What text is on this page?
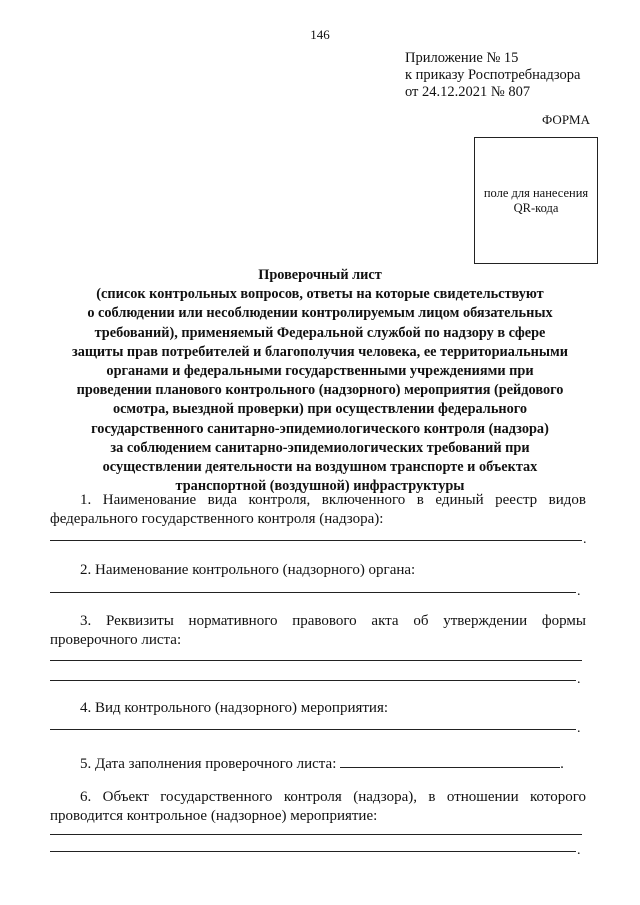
146
Приложение № 15
к приказу Роспотребнадзора
от 24.12.2021 № 807
ФОРМА
поле для нанесения
QR-кода
Проверочный лист
(список контрольных вопросов, ответы на которые свидетельствуют
о соблюдении или несоблюдении контролируемым лицом обязательных
требований), применяемый Федеральной службой по надзору в сфере
защиты прав потребителей и благополучия человека, ее территориальными
органами и федеральными государственными учреждениями при
проведении планового контрольного (надзорного) мероприятия (рейдового
осмотра, выездной проверки) при осуществлении федерального
государственного санитарно-эпидемиологического контроля (надзора)
за соблюдением санитарно-эпидемиологических требований при
осуществлении деятельности на воздушном транспорте и объектах
транспортной (воздушной) инфраструктуры
1. Наименование вида контроля, включенного в единый реестр видов федерального государственного контроля (надзора):
.
2. Наименование контрольного (надзорного) органа:
.
3. Реквизиты нормативного правового акта об утверждении формы проверочного листа:
.
4. Вид контрольного (надзорного) мероприятия:
.
5. Дата заполнения проверочного листа:	.
6. Объект государственного контроля (надзора), в отношении которого проводится контрольное (надзорное) мероприятие:
.
